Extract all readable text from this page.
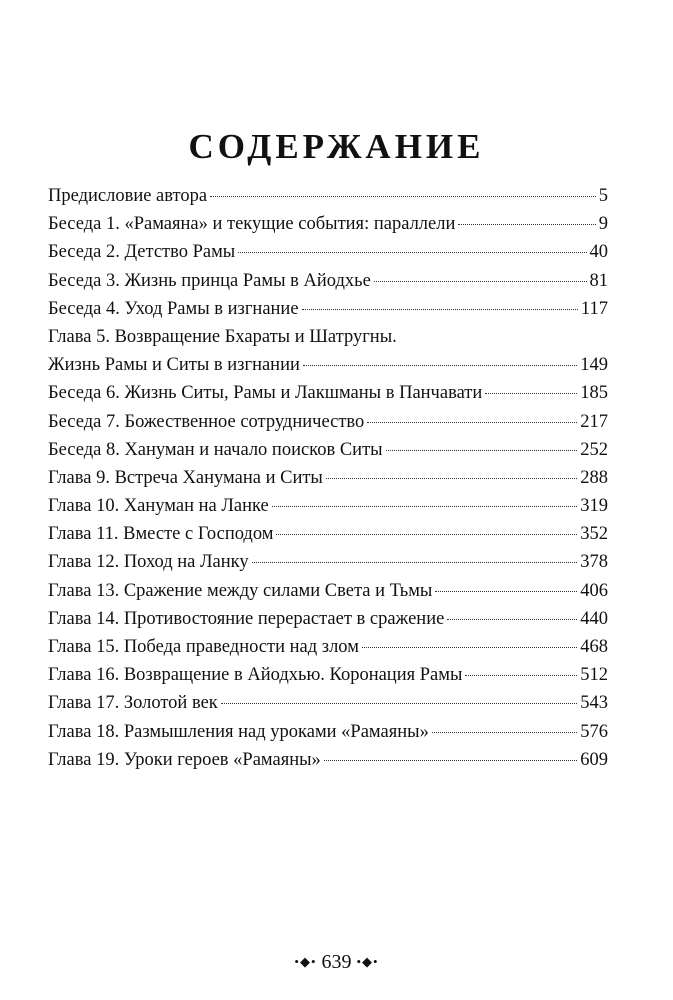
СОДЕРЖАНИЕ
Предисловие автора	5
Беседа 1. «Рамаяна» и текущие события: параллели	9
Беседа 2. Детство Рамы	40
Беседа 3. Жизнь принца Рамы в Айодхье	81
Беседа 4. Уход Рамы в изгнание	117
Глава 5. Возвращение Бхараты и Шатругны.
Жизнь Рамы и Ситы в изгнании	149
Беседа 6. Жизнь Ситы, Рамы и Лакшманы в Панчавати	185
Беседа 7. Божественное сотрудничество	217
Беседа 8. Хануман и начало поисков Ситы	252
Глава 9. Встреча Ханумана и Ситы	288
Глава 10. Хануман на Ланке	319
Глава 11. Вместе с Господом	352
Глава 12. Поход на Ланку	378
Глава 13. Сражение между силами Света и Тьмы	406
Глава 14. Противостояние перерастает в сражение	440
Глава 15. Победа праведности над злом	468
Глава 16. Возвращение в Айодхью. Коронация Рамы	512
Глава 17. Золотой век	543
Глава 18. Размышления над уроками «Рамаяны»	576
Глава 19. Уроки героев «Рамаяны»	609
•◆• 639 •◆•
